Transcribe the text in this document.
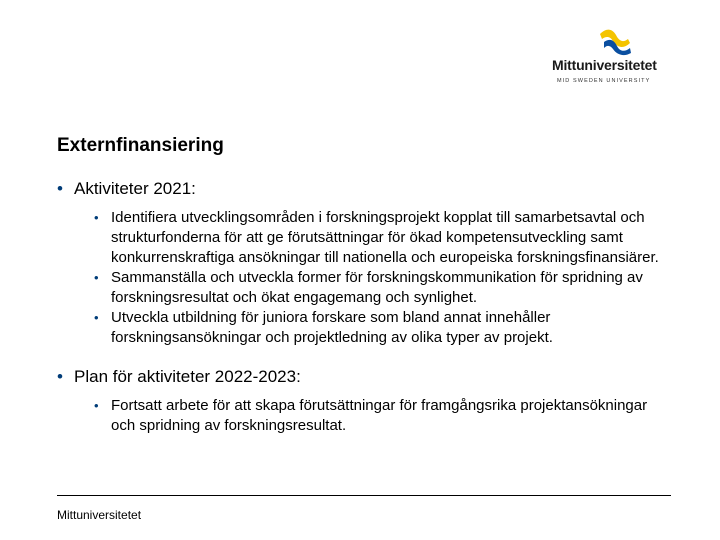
Mittuniversitetet
MID SWEDEN UNIVERSITY
Externfinansiering
• Aktiviteter 2021:
• Identifiera utvecklingsområden i forskningsprojekt kopplat till samarbetsavtal och strukturfonderna för att ge förutsättningar för ökad kompetensutveckling samt konkurrenskraftiga ansökningar till nationella och europeiska forskningsfinansiärer.
• Sammanställa och utveckla former för forskningskommunikation för spridning av forskningsresultat och ökat engagemang och synlighet.
• Utveckla utbildning för juniora forskare som bland annat innehåller forskningsansökningar och projektledning av olika typer av projekt.
• Plan för aktiviteter 2022-2023:
• Fortsatt arbete för att skapa förutsättningar för framgångsrika projektansökningar och spridning av forskningsresultat.
Mittuniversitetet
